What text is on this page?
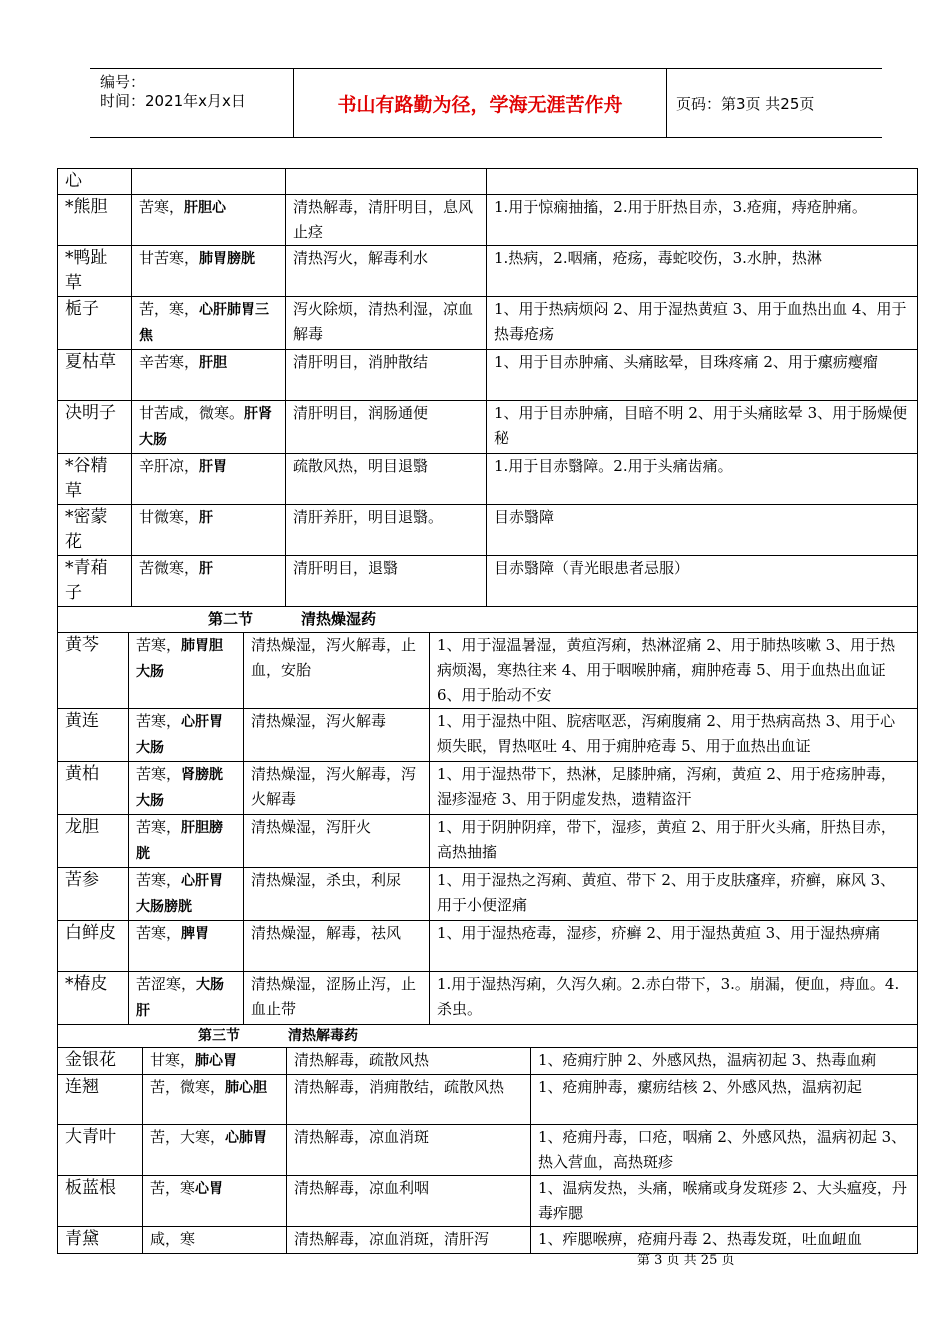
编号：
时间：2021年x月x日	书山有路勤为径，学海无涯苦作舟	页码：第3页 共25页
心			
*熊胆	苦寒，肝胆心	清热解毒，清肝明目，息风止痉	1.用于惊痫抽搐，2.用于肝热目赤，3.疮痈，痔疮肿痛。
*鸭趾草	甘苦寒，肺胃膀胱	清热泻火，解毒利水	1.热病，2.咽痛，疮疡，毒蛇咬伤，3.水肿，热淋
栀子	苦，寒，心肝肺胃三焦	泻火除烦，清热利湿，凉血解毒	1、用于热病烦闷 2、用于湿热黄疸 3、用于血热出血 4、用于热毒疮疡
夏枯草	辛苦寒，肝胆	清肝明目，消肿散结	1、用于目赤肿痛、头痛眩晕，目珠疼痛 2、用于瘰疬瘿瘤
决明子	甘苦咸，微寒。肝肾大肠	清肝明目，润肠通便	1、用于目赤肿痛，目暗不明 2、用于头痛眩晕 3、用于肠燥便秘
*谷精草	辛肝凉，肝胃	疏散风热，明目退翳	1.用于目赤翳障。2.用于头痛齿痛。
*密蒙花	甘微寒，肝	清肝养肝，明目退翳。	目赤翳障
*青葙子	苦微寒，肝	清肝明目，退翳	目赤翳障（青光眼患者忌服）
第二节 清热燥湿药			
黄芩	苦寒，肺胃胆大肠	清热燥湿，泻火解毒，止血，安胎	1、用于湿温暑湿，黄疸泻痢，热淋涩痛 2、用于肺热咳嗽 3、用于热病烦渴，寒热往来 4、用于咽喉肿痛，痈肿疮毒 5、用于血热出血证 6、用于胎动不安
黄连	苦寒，心肝胃大肠	清热燥湿，泻火解毒	1、用于湿热中阻、脘痞呕恶，泻痢腹痛 2、用于热病高热 3、用于心烦失眠，胃热呕吐 4、用于痈肿疮毒 5、用于血热出血证
黄柏	苦寒，肾膀胱大肠	清热燥湿，泻火解毒，泻火解毒	1、用于湿热带下，热淋，足膝肿痛，泻痢，黄疸 2、用于疮疡肿毒，湿疹湿疮 3、用于阴虚发热，遗精盗汗
龙胆	苦寒，肝胆膀胱	清热燥湿，泻肝火	1、用于阴肿阴痒，带下，湿疹，黄疸 2、用于肝火头痛，肝热目赤，高热抽搐
苦参	苦寒，心肝胃大肠膀胱	清热燥湿，杀虫，利尿	1、用于湿热之泻痢、黄疸、带下 2、用于皮肤瘙痒，疥癣，麻风 3、用于小便涩痛
白鲜皮	苦寒，脾胃	清热燥湿，解毒，祛风	1、用于湿热疮毒，湿疹，疥癣 2、用于湿热黄疸 3、用于湿热痹痛
*椿皮	苦涩寒，大肠肝	清热燥湿，涩肠止泻，止血止带	1.用于湿热泻痢，久泻久痢。2.赤白带下，3.。崩漏，便血，痔血。4.杀虫。
第三节 清热解毒药			
金银花	甘寒，肺心胃	清热解毒，疏散风热	1、疮痈疔肿 2、外感风热，温病初起 3、热毒血痢
连翘	苦，微寒，肺心胆	清热解毒，消痈散结，疏散风热	1、疮痈肿毒，瘰疬结核 2、外感风热，温病初起
大青叶	苦，大寒，心肺胃	清热解毒，凉血消斑	1、疮痈丹毒，口疮，咽痛 2、外感风热，温病初起 3、热入营血，高热斑疹
板蓝根	苦，寒心胃	清热解毒，凉血利咽	1、温病发热，头痛，喉痛或身发斑疹 2、大头瘟疫，丹毒痄腮
青黛	咸，寒	清热解毒，凉血消斑，清肝泻	1、痄腮喉痹，疮痈丹毒 2、热毒发斑，吐血衄血
第 3 页 共 25 页
